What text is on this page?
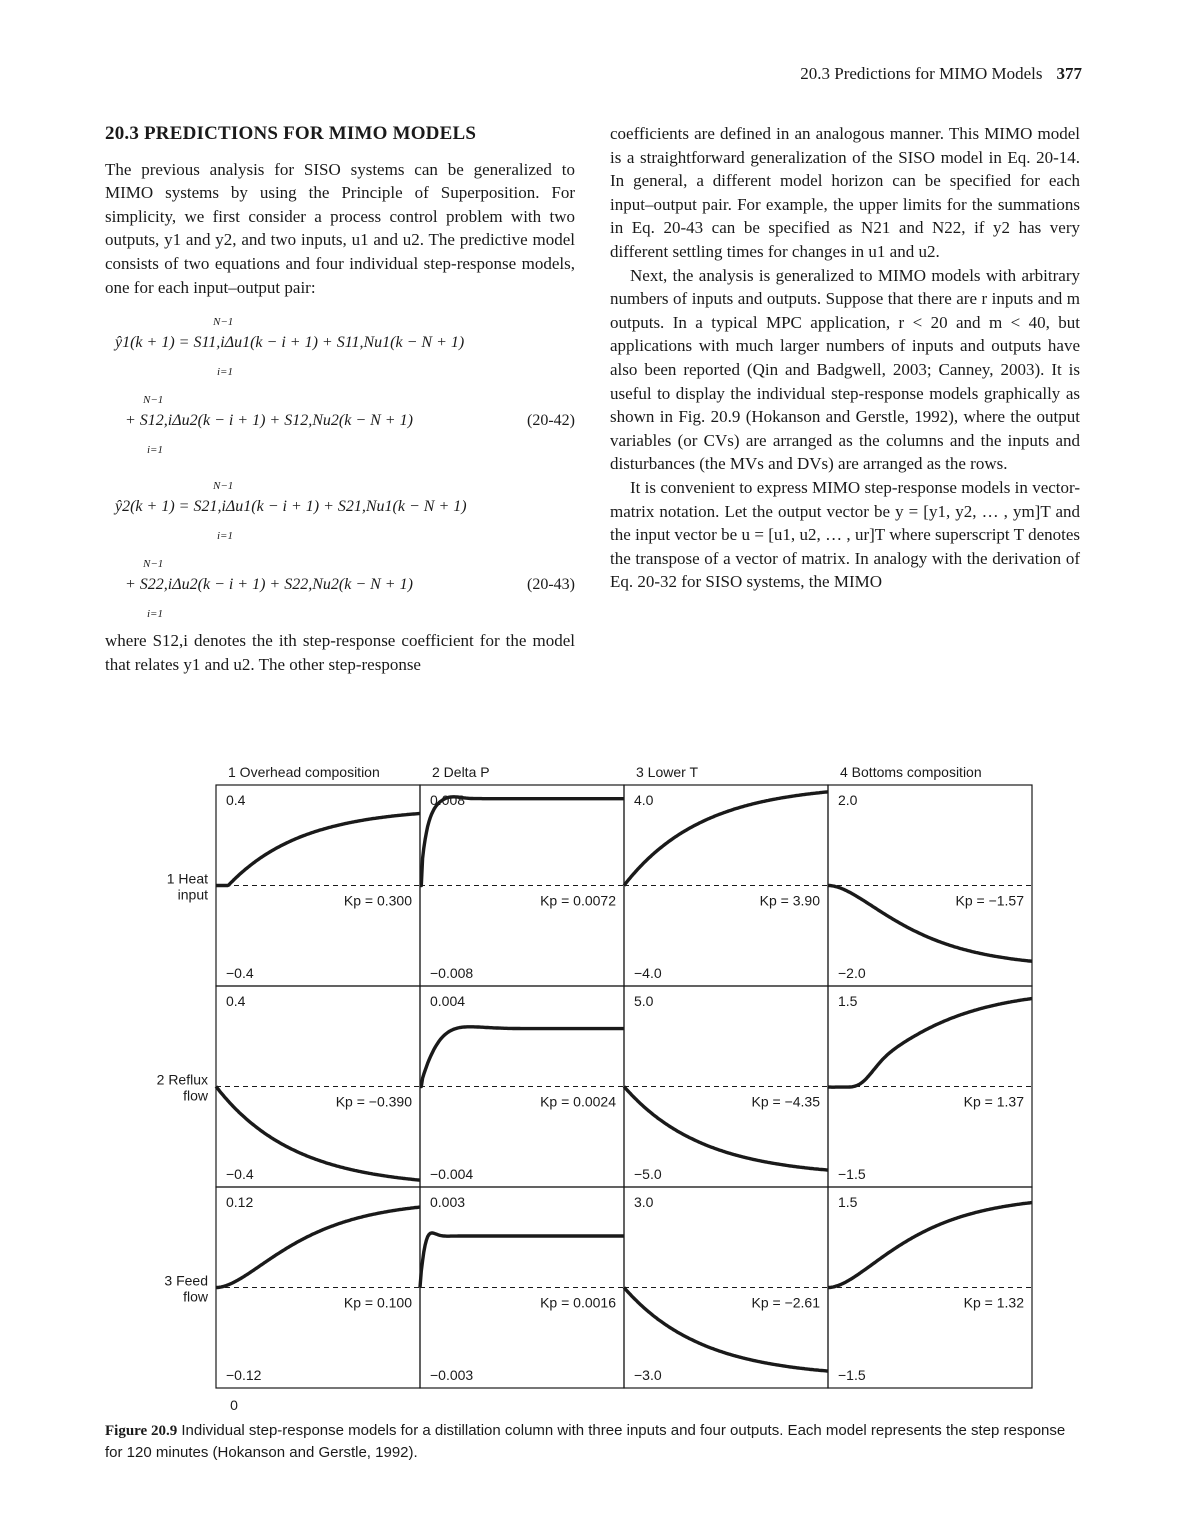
20.3 Predictions for MIMO Models 377
20.3 PREDICTIONS FOR MIMO MODELS

The previous analysis for SISO systems can be generalized to MIMO systems by using the Principle of Superposition. For simplicity, we first consider a process control problem with two outputs, y1 and y2, and two inputs, u1 and u2. The predictive model consists of two equations and four individual step-response models, one for each input–output pair:

N−1
i=1
ŷ1(k + 1) = S11,iΔu1(k − i + 1) + S11,Nu1(k − N + 1)
N−1
i=1
+ S12,iΔu2(k − i + 1) + S12,Nu2(k − N + 1)	(20-42)
N−1
i=1
ŷ2(k + 1) = S21,iΔu1(k − i + 1) + S21,Nu1(k − N + 1)
N−1
i=1
+ S22,iΔu2(k − i + 1) + S22,Nu2(k − N + 1)	(20-43)

where S12,i denotes the ith step-response coefficient for the model that relates y1 and u2. The other step-response

coefficients are defined in an analogous manner. This MIMO model is a straightforward generalization of the SISO model in Eq. 20-14. In general, a different model horizon can be specified for each input–output pair. For example, the upper limits for the summations in Eq. 20-43 can be specified as N21 and N22, if y2 has very different settling times for changes in u1 and u2.

Next, the analysis is generalized to MIMO models with arbitrary numbers of inputs and outputs. Suppose that there are r inputs and m outputs. In a typical MPC application, r < 20 and m < 40, but applications with much larger numbers of inputs and outputs have also been reported (Qin and Badgwell, 2003; Canney, 2003). It is useful to display the individual step-response models graphically as shown in Fig. 20.9 (Hokanson and Gerstle, 1992), where the output variables (or CVs) are arranged as the columns and the inputs and disturbances (the MVs and DVs) are arranged as the rows.

It is convenient to express MIMO step-response models in vector-matrix notation. Let the output vector be y = [y1, y2, … , ym]T and the input vector be u = [u1, u2, … , ur]T where superscript T denotes the transpose of a vector of matrix. In analogy with the derivation of Eq. 20-32 for SISO systems, the MIMO

1 Overhead composition	2 Delta P	3 Lower T	4 Bottoms composition
1 Heat
input
2 Reflux
flow
3 Feed
flow
0
0.4
−0.4
Kp = 0.300
0.008
−0.008
Kp = 0.0072
4.0
−4.0
Kp = 3.90
2.0
−2.0
Kp = −1.57
0.4
−0.4
Kp = −0.390
0.004
−0.004
Kp = 0.0024
5.0
−5.0
Kp = −4.35
1.5
−1.5
Kp = 1.37
0.12
−0.12
Kp = 0.100
0.003
−0.003
Kp = 0.0016
3.0
−3.0
Kp = −2.61
1.5
−1.5
Kp = 1.32
Figure 20.9 Individual step-response models for a distillation column with three inputs and four outputs. Each model represents the step response for 120 minutes (Hokanson and Gerstle, 1992).
